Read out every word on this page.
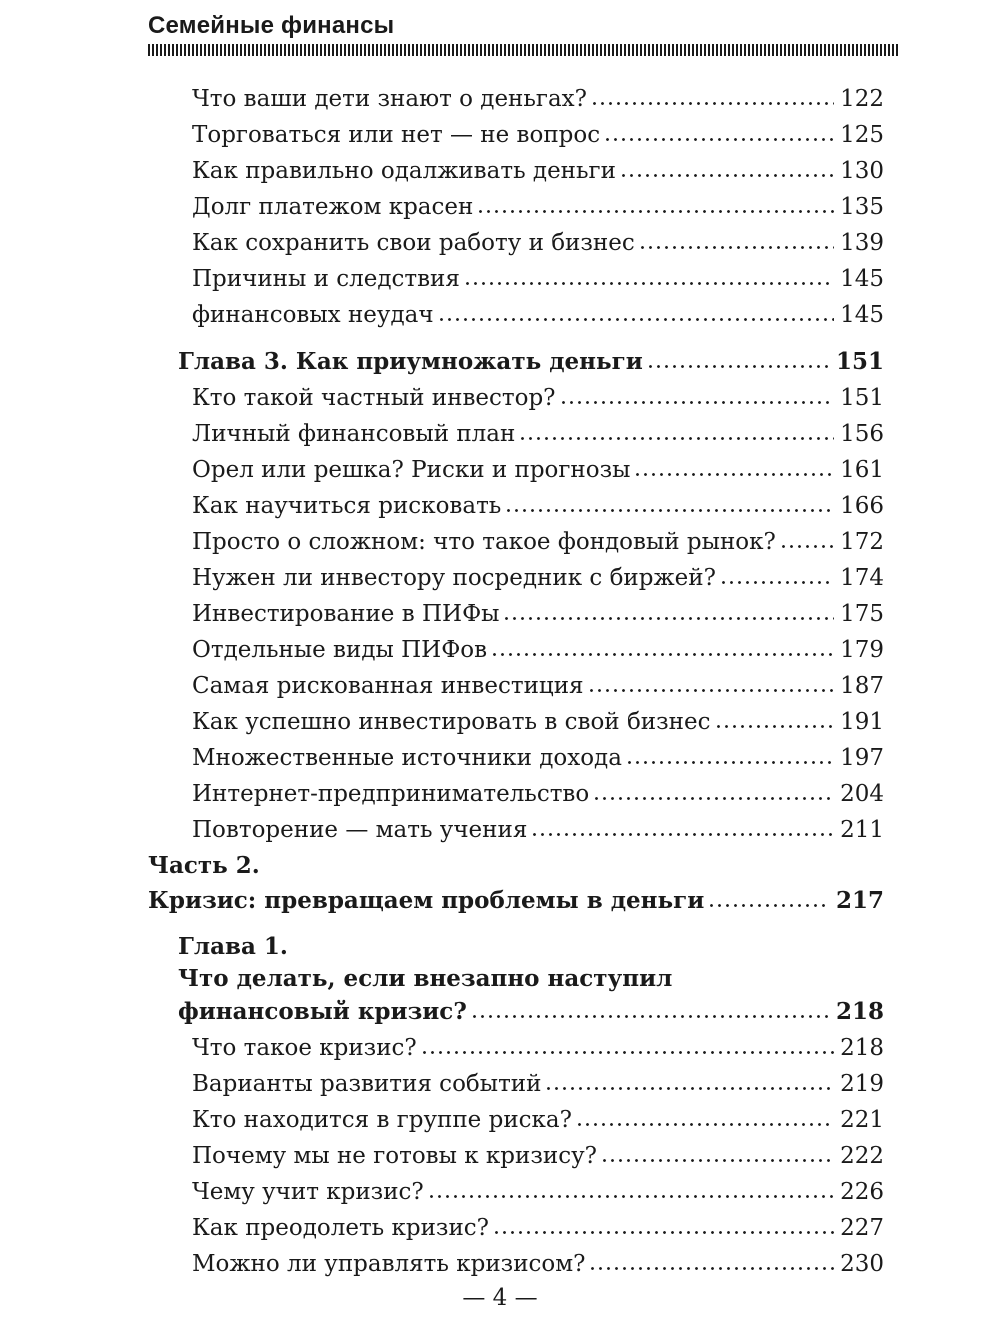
Семейные финансы
Что ваши дети знают о деньгах?	122
Торговаться или нет — не вопрос	125
Как правильно одалживать деньги	130
Долг платежом красен	135
Как сохранить свои работу и бизнес	139
Причины и следствия	145
финансовых неудач	145
Глава 3. Как приумножать деньги	151
Кто такой частный инвестор?	151
Личный финансовый план	156
Орел или решка? Риски и прогнозы	161
Как научиться рисковать	166
Просто о сложном: что такое фондовый рынок?	172
Нужен ли инвестору посредник с биржей?	174
Инвестирование в ПИФы	175
Отдельные виды ПИФов	179
Самая рискованная инвестиция	187
Как успешно инвестировать в свой бизнес	191
Множественные источники дохода	197
Интернет-предпринимательство	204
Повторение — мать учения	211
Часть 2.
Кризис: превращаем проблемы в деньги	217
Глава 1.
Что делать, если внезапно наступил
финансовый кризис?	218
Что такое кризис?	218
Варианты развития событий	219
Кто находится в группе риска?	221
Почему мы не готовы к кризису?	222
Чему учит кризис?	226
Как преодолеть кризис?	227
Можно ли управлять кризисом?	230
— 4 —
